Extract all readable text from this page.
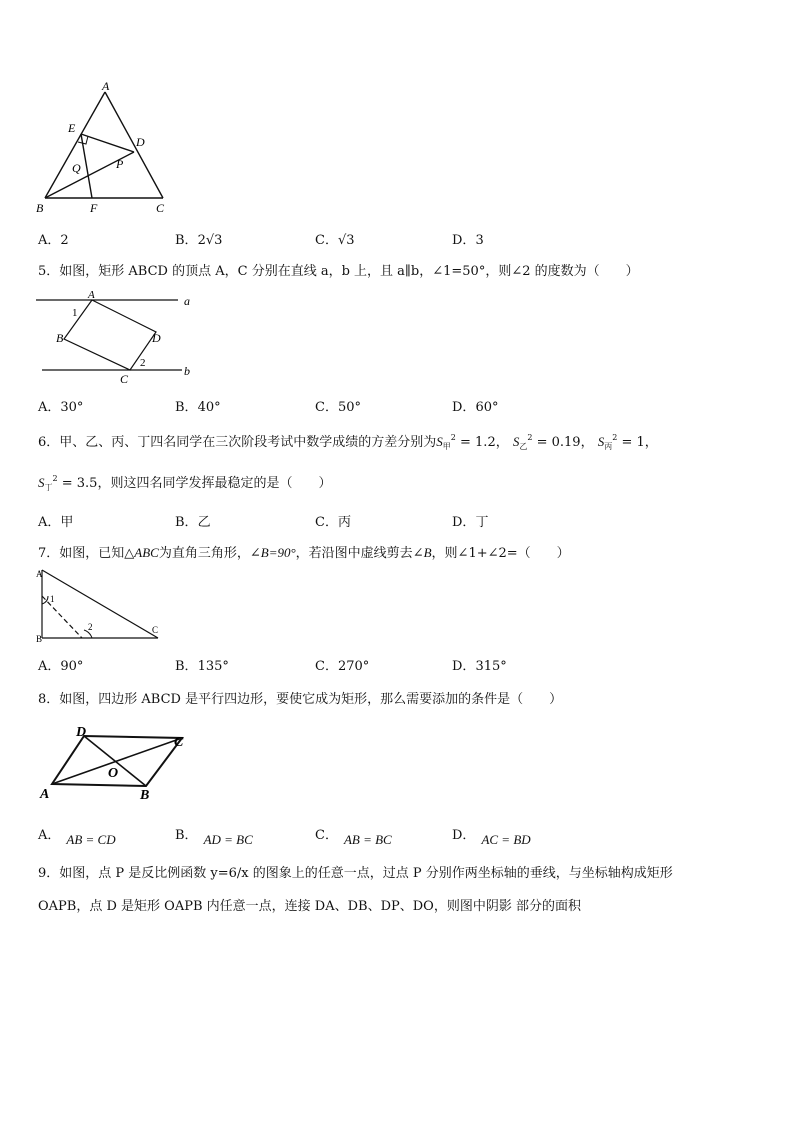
A
E
D
P
Q
B	F	C
A．2	B．2√3	C．√3	D．3
5．如图，矩形 ABCD 的顶点 A，C 分别在直线 a，b 上，且 a∥b，∠1=50°，则∠2 的度数为（　　）
A	a
1
B	D
2
C
b
A．30°	B．40°	C．50°	D．60°
6．甲、乙、丙、丁四名同学在三次阶段考试中数学成绩的方差分别为$S_甲^2 = 1.2$， $S_乙^2 = 0.19$， $S_丙^2 = 1$，
$S_丁^2 = 3.5$，则这四名同学发挥最稳定的是（　　）
A．甲	B．乙	C．丙	D．丁
7．如图，已知△ABC为直角三角形，∠B=90°，若沿图中虚线剪去∠B，则∠1+∠2=（　　）
A
1
2
B
C
A．90°	B．135°	C．270°	D．315°
8．如图，四边形 ABCD 是平行四边形，要使它成为矩形，那么需要添加的条件是（　　）
D
C
O
A	B
A． AB = CD	B． AD = BC	C． AB = BC	D． AC = BD
9．如图，点 P 是反比例函数 y=6/x 的图象上的任意一点，过点 P 分别作两坐标轴的垂线，与坐标轴构成矩形
OAPB，点 D 是矩形 OAPB 内任意一点，连接 DA、DB、DP、DO，则图中阴影 部分的面积
